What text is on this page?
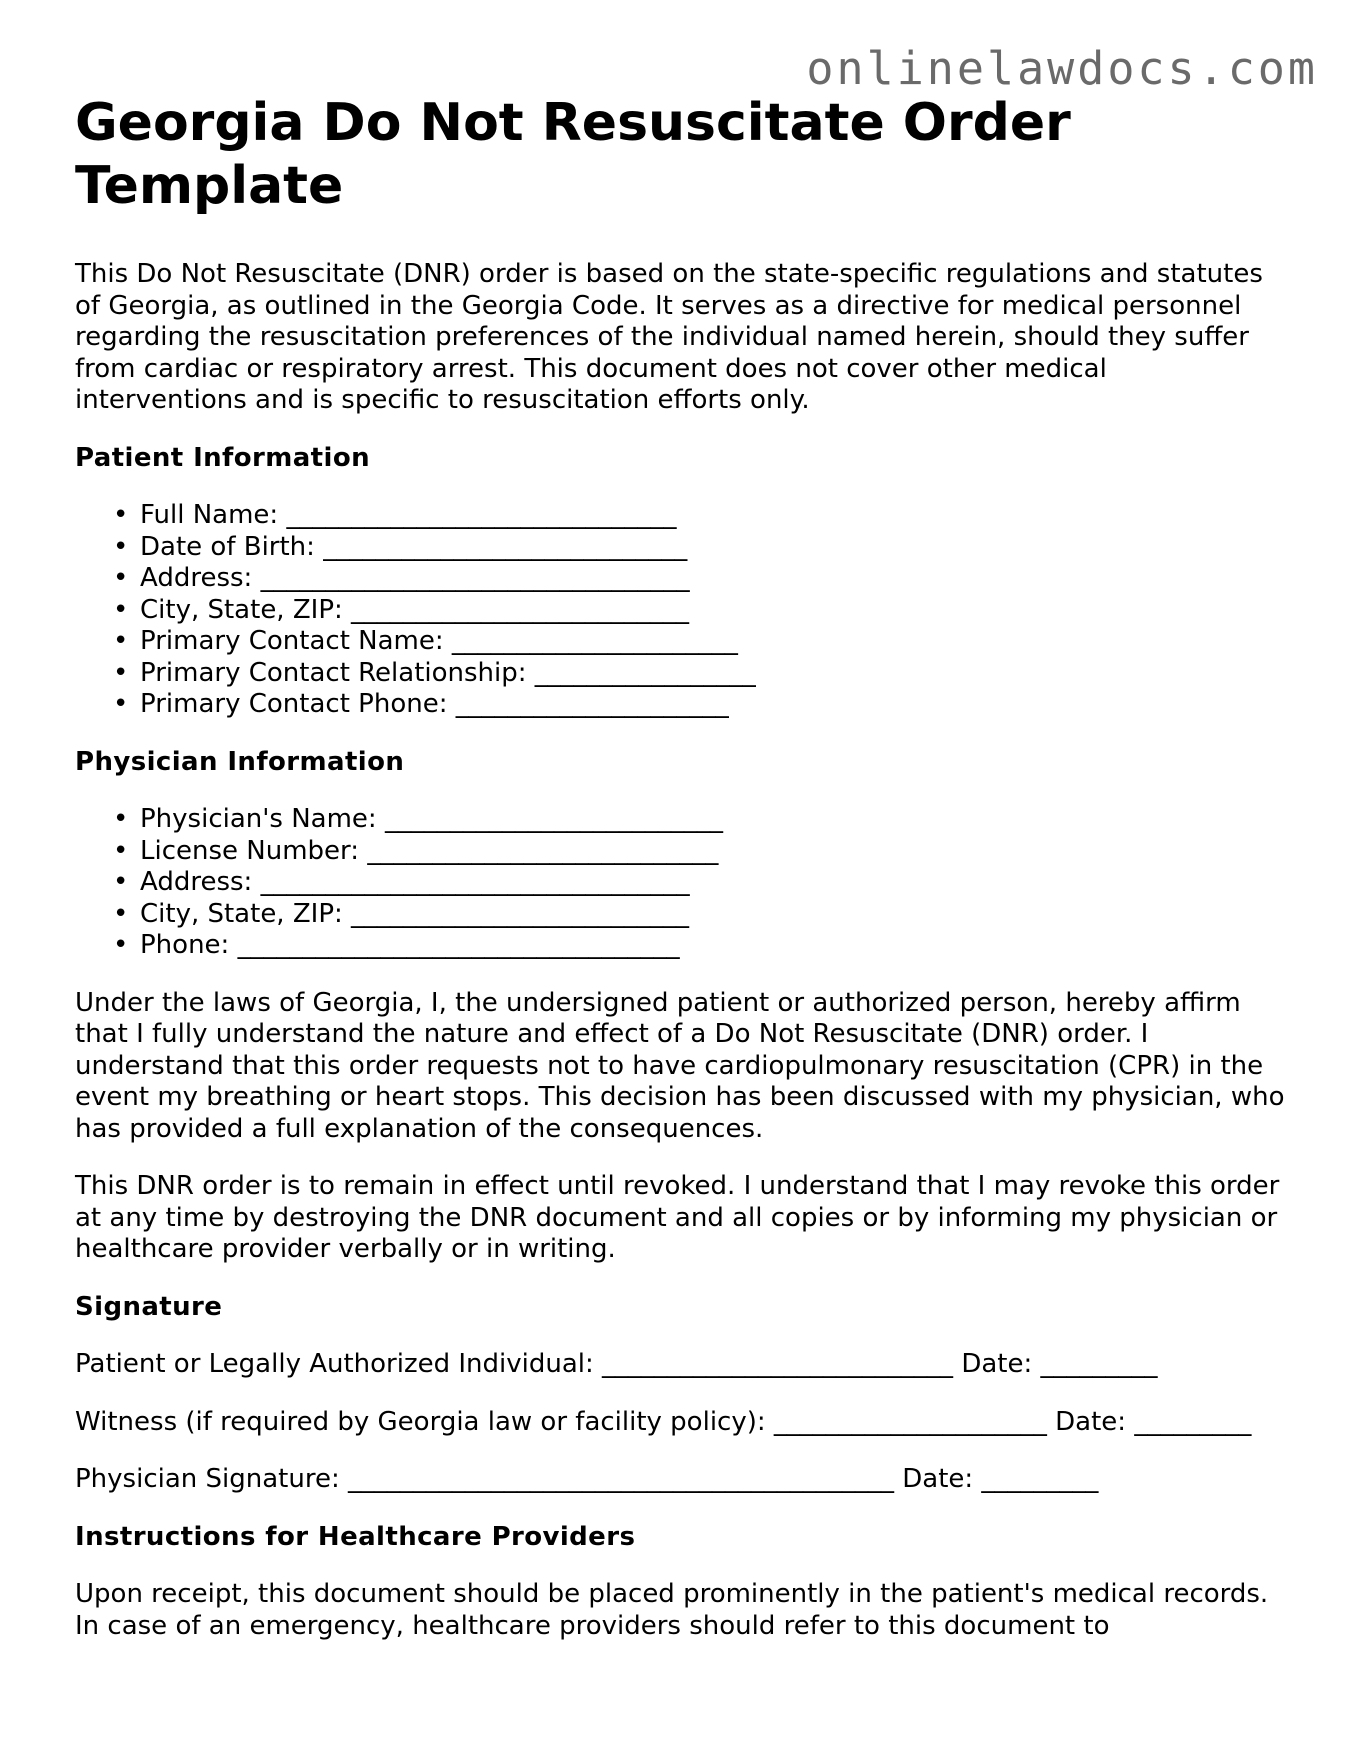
onlinelawdocs.com
Georgia Do Not Resuscitate Order Template

This Do Not Resuscitate (DNR) order is based on the state-specific regulations and statutes of Georgia, as outlined in the Georgia Code. It serves as a directive for medical personnel regarding the resuscitation preferences of the individual named herein, should they suffer from cardiac or respiratory arrest. This document does not cover other medical interventions and is specific to resuscitation efforts only.

Patient Information
• Full Name: ______________________________
• Date of Birth: ____________________________
• Address: _________________________________
• City, State, ZIP: __________________________
• Primary Contact Name: ______________________
• Primary Contact Relationship: _________________
• Primary Contact Phone: _____________________
Physician Information
• Physician's Name: __________________________
• License Number: ___________________________
• Address: _________________________________
• City, State, ZIP: __________________________
• Phone: __________________________________

Under the laws of Georgia, I, the undersigned patient or authorized person, hereby affirm that I fully understand the nature and effect of a Do Not Resuscitate (DNR) order. I understand that this order requests not to have cardiopulmonary resuscitation (CPR) in the event my breathing or heart stops. This decision has been discussed with my physician, who has provided a full explanation of the consequences.

This DNR order is to remain in effect until revoked. I understand that I may revoke this order at any time by destroying the DNR document and all copies or by informing my physician or healthcare provider verbally or in writing.

Signature
Patient or Legally Authorized Individual: ___________________________ Date: _________
Witness (if required by Georgia law or facility policy): _____________________ Date: _________
Physician Signature: __________________________________________ Date: _________
Instructions for Healthcare Providers

Upon receipt, this document should be placed prominently in the patient's medical records. In case of an emergency, healthcare providers should refer to this document to
